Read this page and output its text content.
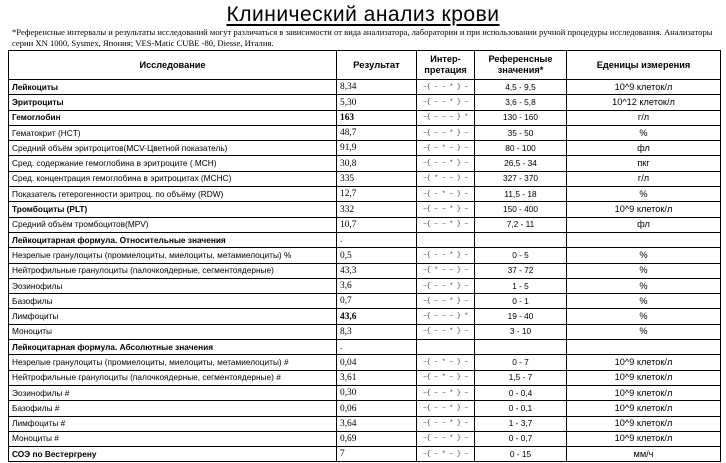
Клинический анализ крови
*Референсные интервалы и результаты исследований могут различаться в зависимости от вида анализатора, лаборатории и при использовании ручной процедуры исследования. Анализаторы серии XN 1000, Sysmex, Япония; VES-Matic CUBE -80, Diesse, Италия.
Исследование	Результат	Интер-претация	Референсные значения*	Еденицы измерения
Лейкоциты	8,34	–{ – – * } –	4,5 - 9,5	10^9 клеток/л
Эритроциты	5,30	–{ – – * } –	3,6 - 5,8	10^12 клеток/л
Гемоглобин	163	–{ – – – } *	130 - 160	г/л
Гематокрит (HCT)	48,7	–{ – – * } –	35 - 50	%
Средний объём эритроцитов(MCV-Цветной показатель)	91,9	–{ – * – } –	80 - 100	фл
Сред. содержание гемоглобина в эритроците ( MCH)	30,8	–{ – – * } –	26,5 - 34	пкг
Сред. концентрация гемоглобина в эритроцитах (MCHC)	335	–{ * – – } –	327 - 370	г/л
Показатель гетерогенности эритроц. по объёму (RDW)	12,7	–{ – * – } –	11,5 - 18	%
Тромбоциты (PLT)	332	–{ – – * } –	150 - 400	10^9 клеток/л
Средний объём тромбоцитов(MPV)	10,7	–{ – – * } –	7,2 - 11	фл
Лейкоцитарная формула. Относительные значения	.			
Незрелые гранулоциты (промиелоциты, миелоциты, метамиелоциты) %	0,5	–{ – – * } –	0 - 5	%
Нейтрофильные гранулоциты (палочкоядерные, сегментоядерные)	43,3	–{ * – – } –	37 - 72	%
Эозинофилы	3,6	–{ – – * } –	1 - 5	%
Базофилы	0,7	–{ – – * } –	0 - 1	%
Лимфоциты	43,6	–{ – – – } *	19 - 40	%
Моноциты	8,3	–{ – – * } –	3 - 10	%
Лейкоцитарная формула. Абсолютные значения	.			
Незрелые гранулоциты (промиелоциты, миелоциты, метамиелоциты) #	0,04	–{ – * – } –	0 - 7	10^9 клеток/л
Нейтрофильные гранулоциты (палочкоядерные, сегментоядерные) #	3,61	–{ – * – } –	1,5 - 7	10^9 клеток/л
Эозинофилы #	0,30	–{ – – * } –	0 - 0,4	10^9 клеток/л
Базофилы #	0,06	–{ – – * } –	0 - 0,1	10^9 клеток/л
Лимфоциты #	3,64	–{ – – * } –	1 - 3,7	10^9 клеток/л
Моноциты #	0,69	–{ – – * } –	0 - 0,7	10^9 клеток/л
СОЭ по Вестергрену	7	–{ – * – } –	0 - 15	мм/ч
